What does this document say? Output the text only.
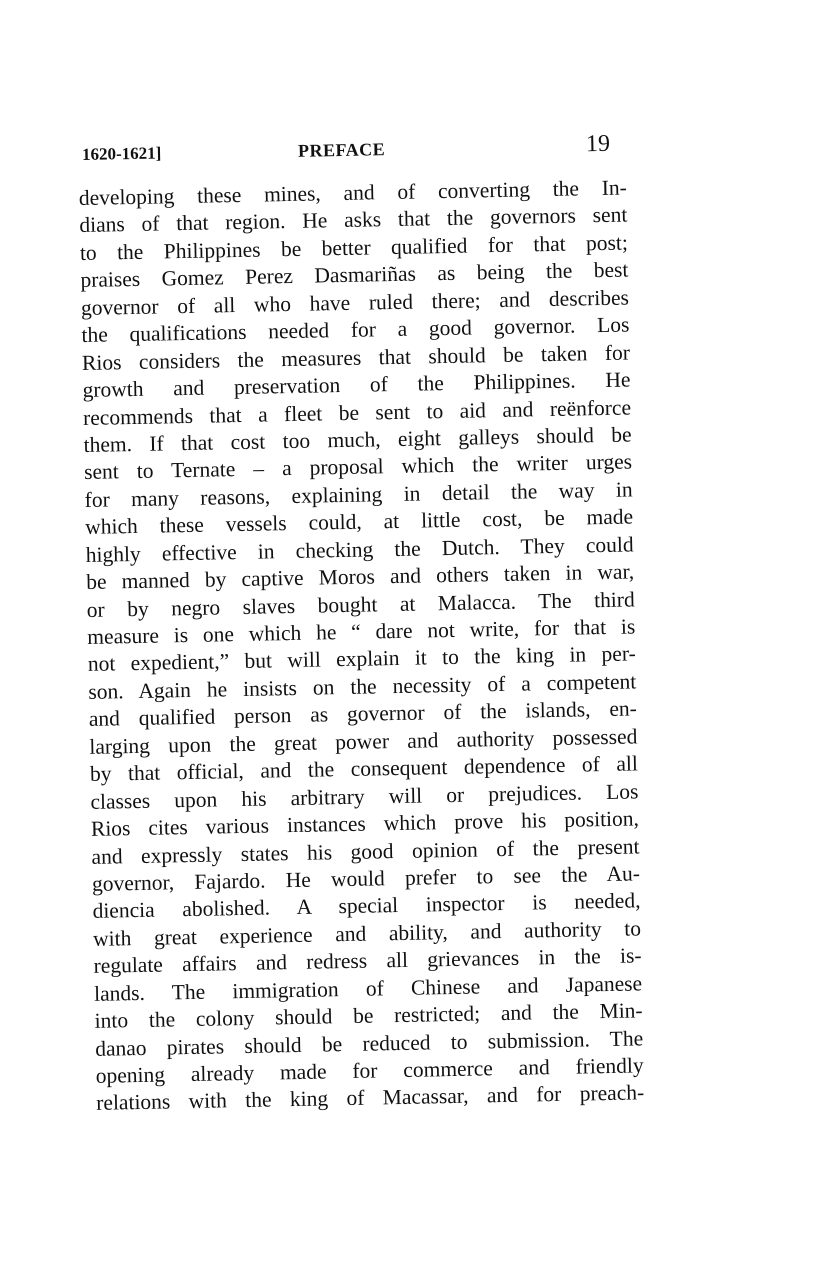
1620-1621]	PREFACE	19
developing these mines, and of converting the In-
dians of that region. He asks that the governors sent
to the Philippines be better qualified for that post;
praises Gomez Perez Dasmariñas as being the best
governor of all who have ruled there; and describes
the qualifications needed for a good governor. Los
Rios considers the measures that should be taken for
growth and preservation of the Philippines. He
recommends that a fleet be sent to aid and reënforce
them. If that cost too much, eight galleys should be
sent to Ternate – a proposal which the writer urges
for many reasons, explaining in detail the way in
which these vessels could, at little cost, be made
highly effective in checking the Dutch. They could
be manned by captive Moros and others taken in war,
or by negro slaves bought at Malacca. The third
measure is one which he “ dare not write, for that is
not expedient,” but will explain it to the king in per-
son. Again he insists on the necessity of a competent
and qualified person as governor of the islands, en-
larging upon the great power and authority possessed
by that official, and the consequent dependence of all
classes upon his arbitrary will or prejudices. Los
Rios cites various instances which prove his position,
and expressly states his good opinion of the present
governor, Fajardo. He would prefer to see the Au-
diencia abolished. A special inspector is needed,
with great experience and ability, and authority to
regulate affairs and redress all grievances in the is-
lands. The immigration of Chinese and Japanese
into the colony should be restricted; and the Min-
danao pirates should be reduced to submission. The
opening already made for commerce and friendly
relations with the king of Macassar, and for preach-
